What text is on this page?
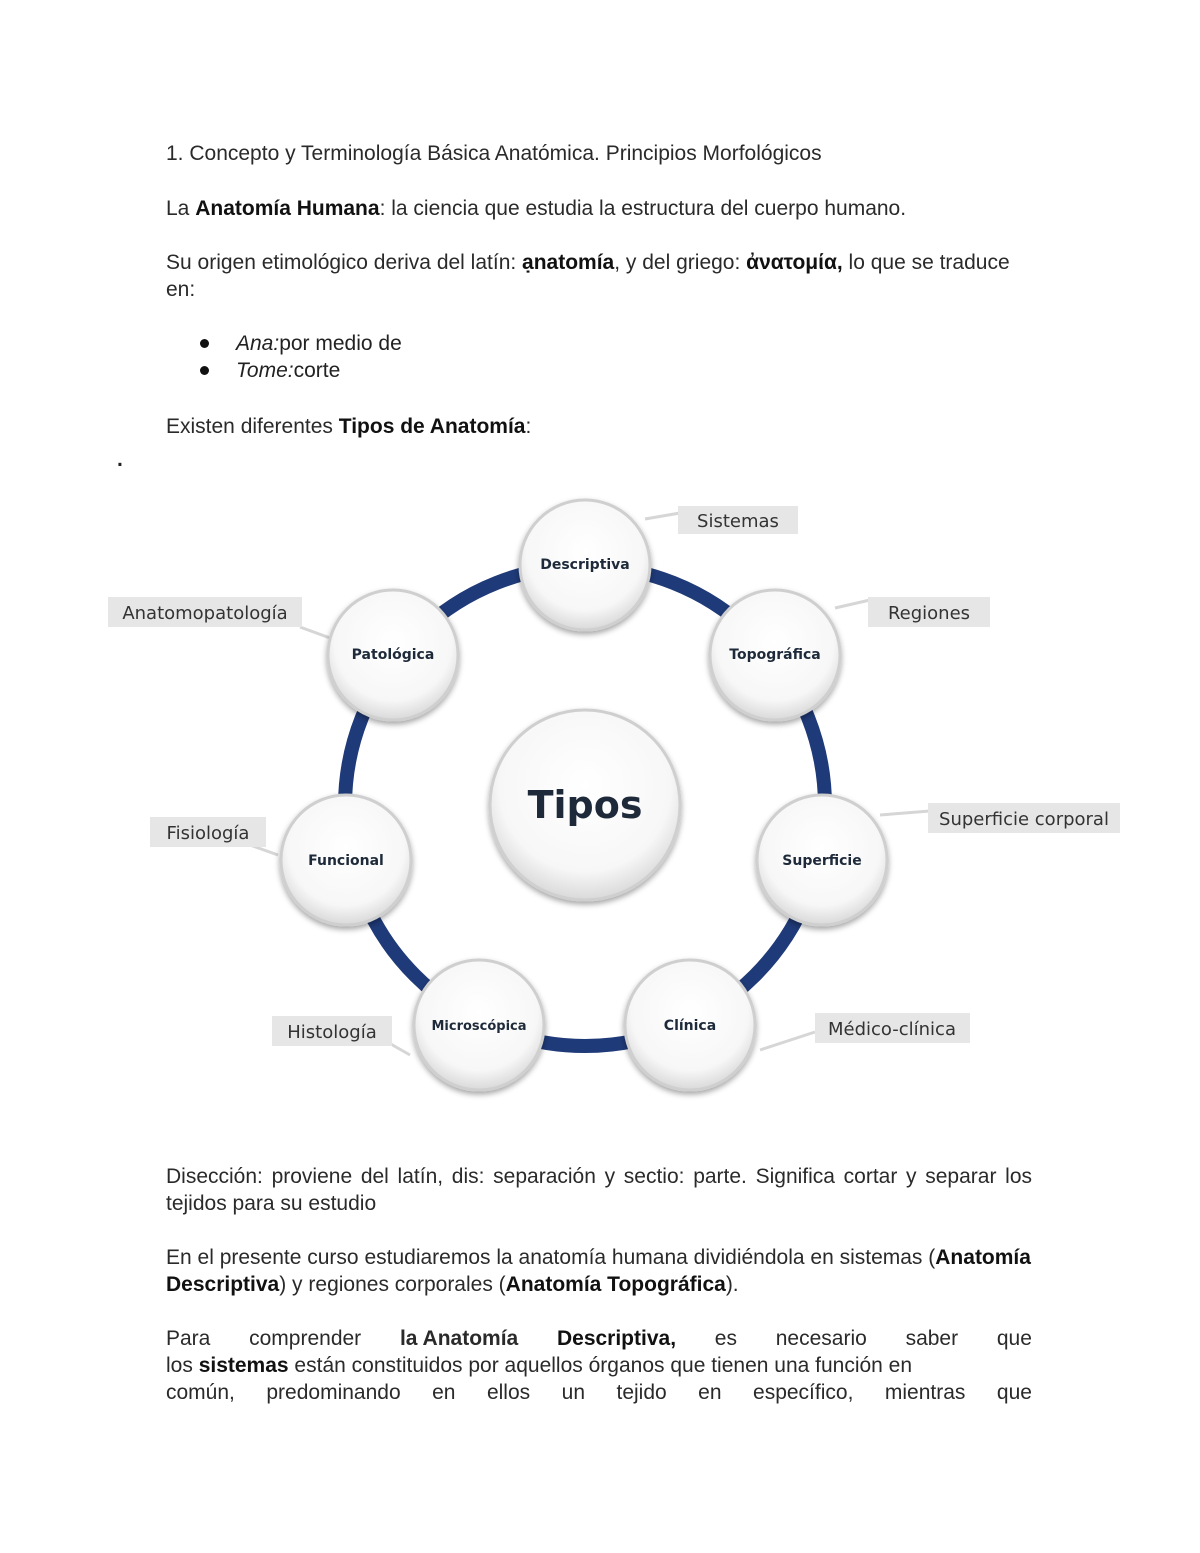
1. Concepto y Terminología Básica Anatómica. Principios Morfológicos
La Anatomía Humana: la ciencia que estudia la estructura del cuerpo humano.
Su origen etimológico deriva del latín: ạnatomía, y del griego: ἀνατομία, lo que se traduce en:
Ana: por medio de
Tome: corte
Existen diferentes Tipos de Anatomía:
.
Sistemas
Regiones
Superficie corporal
Médico-clínica
Histología
Fisiología
Anatomopatología
Tipos
Descriptiva
Topográfica
Superficie
Clínica
Microscópica
Funcional
Patológica
Disección: proviene del latín, dis: separación y sectio: parte. Significa cortar y separar los tejidos para su estudio
En el presente curso estudiaremos la anatomía humana dividiéndola en sistemas (Anatomía Descriptiva) y regiones corporales (Anatomía Topográfica).
Para comprender la Anatomía Descriptiva, es necesario saber que
los sistemas están constituidos por aquellos órganos que tienen una función en
común, predominando en ellos un tejido en específico, mientras que
